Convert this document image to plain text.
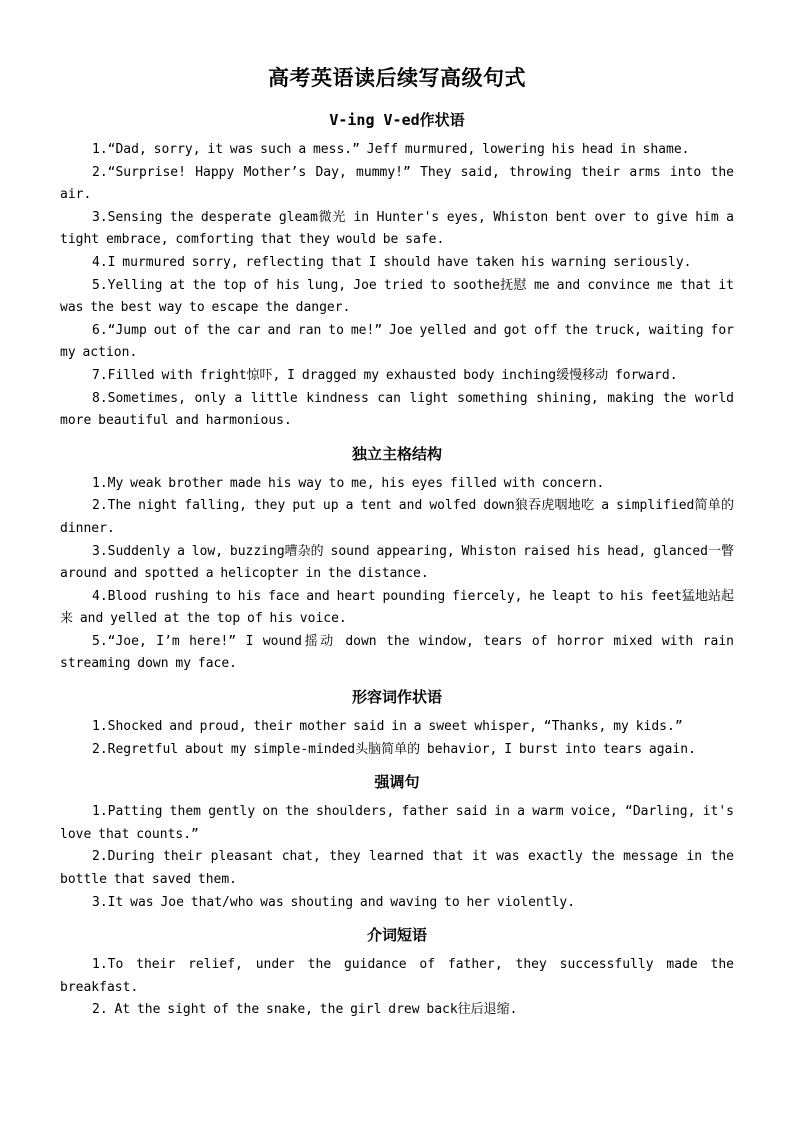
高考英语读后续写高级句式
V-ing V-ed作状语

1.“Dad, sorry, it was such a mess.” Jeff murmured, lowering his head in shame.

2.“Surprise! Happy Mother’s Day, mummy!” They said, throwing their arms into the air.

3.Sensing the desperate gleam微光 in Hunter's eyes, Whiston bent over to give him a tight embrace, comforting that they would be safe.

4.I murmured sorry, reflecting that I should have taken his warning seriously.

5.Yelling at the top of his lung, Joe tried to soothe抚慰 me and convince me that it was the best way to escape the danger.

6.“Jump out of the car and ran to me!” Joe yelled and got off the truck, waiting for my action.

7.Filled with fright惊吓, I dragged my exhausted body inching缓慢移动 forward.

8.Sometimes, only a little kindness can light something shining, making the world more beautiful and harmonious.

独立主格结构

1.My weak brother made his way to me, his eyes filled with concern.

2.The night falling, they put up a tent and wolfed down狼吞虎咽地吃 a simplified简单的 dinner.

3.Suddenly a low, buzzing嘈杂的 sound appearing, Whiston raised his head, glanced一瞥 around and spotted a helicopter in the distance.

4.Blood rushing to his face and heart pounding fiercely, he leapt to his feet猛地站起来 and yelled at the top of his voice.

5.“Joe, I’m here!” I wound摇动 down the window, tears of horror mixed with rain streaming down my face.

形容词作状语

1.Shocked and proud, their mother said in a sweet whisper, “Thanks, my kids.”

2.Regretful about my simple-minded头脑简单的 behavior, I burst into tears again.

强调句

1.Patting them gently on the shoulders, father said in a warm voice, “Darling, it's love that counts.”

2.During their pleasant chat, they learned that it was exactly the message in the bottle that saved them.

3.It was Joe that/who was shouting and waving to her violently.

介词短语

1.To their relief, under the guidance of father, they successfully made the breakfast.

2. At the sight of the snake, the girl drew back往后退缩.
